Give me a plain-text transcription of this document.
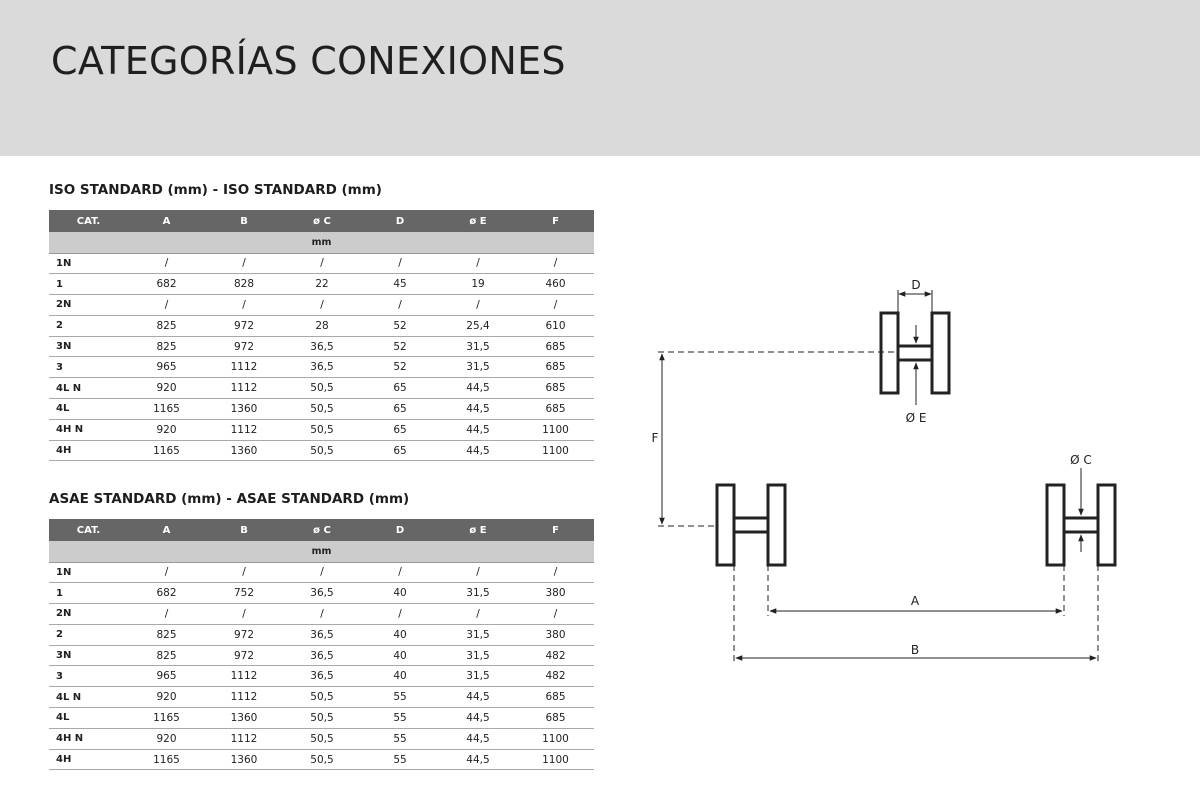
CATEGORÍAS CONEXIONES
ISO STANDARD (mm) - ISO STANDARD (mm)
CAT.	A	B	ø C	D	ø E	F
mm						
1N	/	/	/	/	/	/
1	682	828	22	45	19	460
2N	/	/	/	/	/	/
2	825	972	28	52	25,4	610
3N	825	972	36,5	52	31,5	685
3	965	1112	36,5	52	31,5	685
4L N	920	1112	50,5	65	44,5	685
4L	1165	1360	50,5	65	44,5	685
4H N	920	1112	50,5	65	44,5	1100
4H	1165	1360	50,5	65	44,5	1100
ASAE STANDARD (mm) - ASAE STANDARD (mm)
CAT.	A	B	ø C	D	ø E	F
mm						
1N	/	/	/	/	/	/
1	682	752	36,5	40	31,5	380
2N	/	/	/	/	/	/
2	825	972	36,5	40	31,5	380
3N	825	972	36,5	40	31,5	482
3	965	1112	36,5	40	31,5	482
4L N	920	1112	50,5	55	44,5	685
4L	1165	1360	50,5	55	44,5	685
4H N	920	1112	50,5	55	44,5	1100
4H	1165	1360	50,5	55	44,5	1100
D
Ø E
F
Ø C
A
B
